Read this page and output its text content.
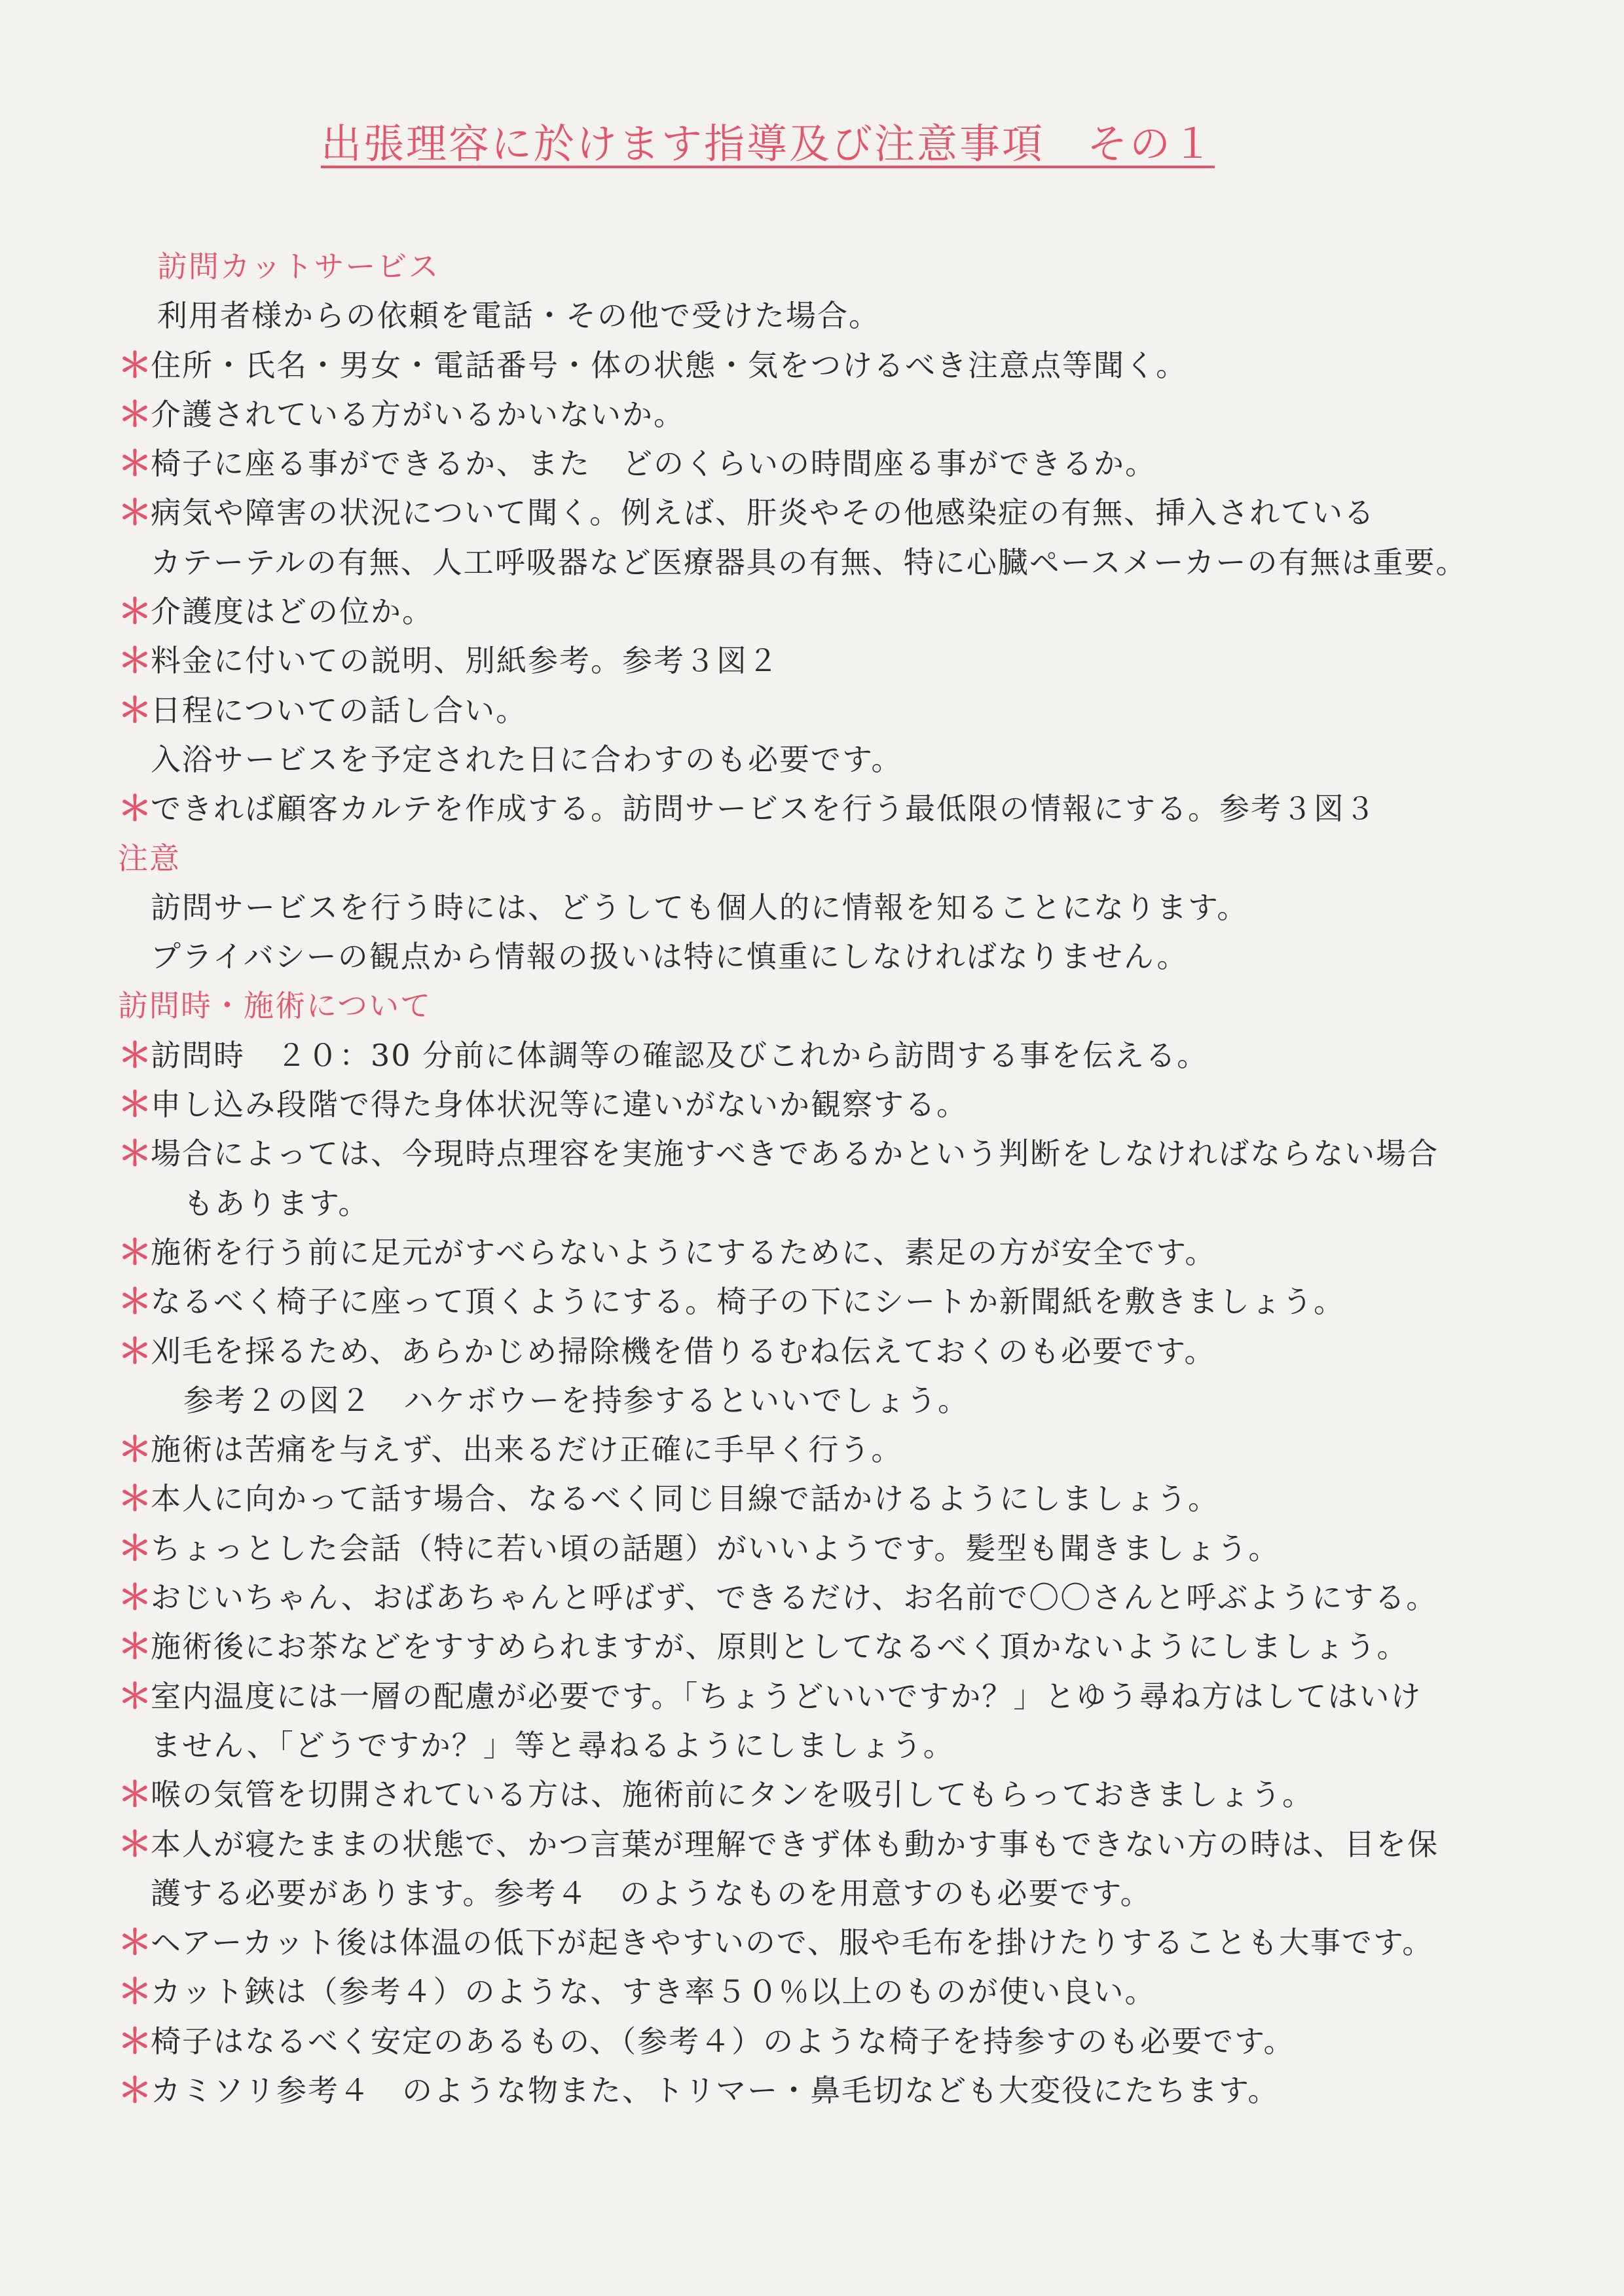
出張理容に於けます指導及び注意事項　その１
訪問カットサービス
利用者様からの依頼を電話・その他で受けた場合。
＊
住所・氏名・男女・電話番号・体の状態・気をつけるべき注意点等聞く。
＊
介護されている方がいるかいないか。
＊
椅子に座る事ができるか、また　どのくらいの時間座る事ができるか。
＊
病気や障害の状況について聞く。例えば、肝炎やその他感染症の有無、挿入されている
カテーテルの有無、人工呼吸器など医療器具の有無、特に心臓ペースメーカーの有無は重要。
＊
介護度はどの位か。
＊
料金に付いての説明、別紙参考。参考３図２
＊
日程についての話し合い。
入浴サービスを予定された日に合わすのも必要です。
＊
できれば顧客カルテを作成する。訪問サービスを行う最低限の情報にする。参考３図３
注意
訪問サービスを行う時には、どうしても個人的に情報を知ることになります。
プライバシーの観点から情報の扱いは特に慎重にしなければなりません。
訪問時・施術について
＊
訪問時　２０：30 分前に体調等の確認及びこれから訪問する事を伝える。
＊
申し込み段階で得た身体状況等に違いがないか観察する。
＊
場合によっては、今現時点理容を実施すべきであるかという判断をしなければならない場合
もあります。
＊
施術を行う前に足元がすべらないようにするために、素足の方が安全です。
＊
なるべく椅子に座って頂くようにする。椅子の下にシートか新聞紙を敷きましょう。
＊
刈毛を採るため、あらかじめ掃除機を借りるむね伝えておくのも必要です。
参考２の図２　ハケボウーを持参するといいでしょう。
＊
施術は苦痛を与えず、出来るだけ正確に手早く行う。
＊
本人に向かって話す場合、なるべく同じ目線で話かけるようにしましょう。
＊
ちょっとした会話（特に若い頃の話題）がいいようです。髪型も聞きましょう。
＊
おじいちゃん、おばあちゃんと呼ばず、できるだけ、お名前で〇〇さんと呼ぶようにする。
＊
施術後にお茶などをすすめられますが、原則としてなるべく頂かないようにしましょう。
＊
室内温度には一層の配慮が必要です。「ちょうどいいですか？」とゆう尋ね方はしてはいけ
ません、「どうですか？」等と尋ねるようにしましょう。
＊
喉の気管を切開されている方は、施術前にタンを吸引してもらっておきましょう。
＊
本人が寝たままの状態で、かつ言葉が理解できず体も動かす事もできない方の時は、目を保
護する必要があります。参考４　のようなものを用意すのも必要です。
＊
ヘアーカット後は体温の低下が起きやすいので、服や毛布を掛けたりすることも大事です。
＊
カット鋏は（参考４）のような、すき率５０％以上のものが使い良い。
＊
椅子はなるべく安定のあるもの、（参考４）のような椅子を持参すのも必要です。
＊
カミソリ参考４　のような物また、トリマー・鼻毛切なども大変役にたちます。
